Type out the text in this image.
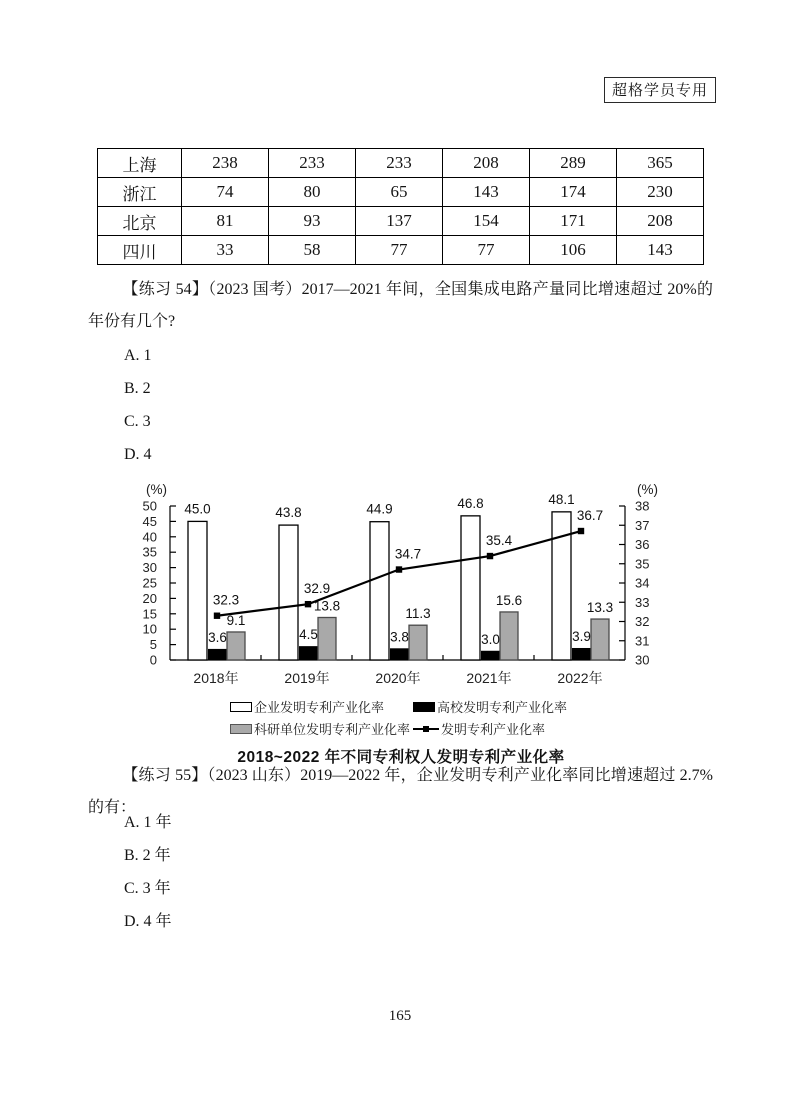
超格学员专用
上海	238	233	233	208	289	365
浙江	74	80	65	143	174	230
北京	81	93	137	154	171	208
四川	33	58	77	77	106	143

【练习 54】（2023 国考）2017—2021 年间，全国集成电路产量同比增速超过 20%的年份有几个?

A. 1
B. 2
C. 3
D. 4
0
5
10
15
20
25
30
35
40
45
50
30
31
32
33
34
35
36
37
38
(%)	(%)
2018年	2019年	2020年	2021年	2022年
45.0	43.8	44.9	46.8	48.1
3.6	4.5	3.8	3.0	3.9
9.1
13.8
11.3
15.6	13.3
32.3
32.9
34.7
35.4
36.7
企业发明专利产业化率	高校发明专利产业化率
科研单位发明专利产业化率 发明专利产业化率
2018~2022 年不同专利权人发明专利产业化率

【练习 55】（2023 山东）2019—2022 年，企业发明专利产业化率同比增速超过 2.7%的有：

A. 1 年
B. 2 年
C. 3 年
D. 4 年
165
